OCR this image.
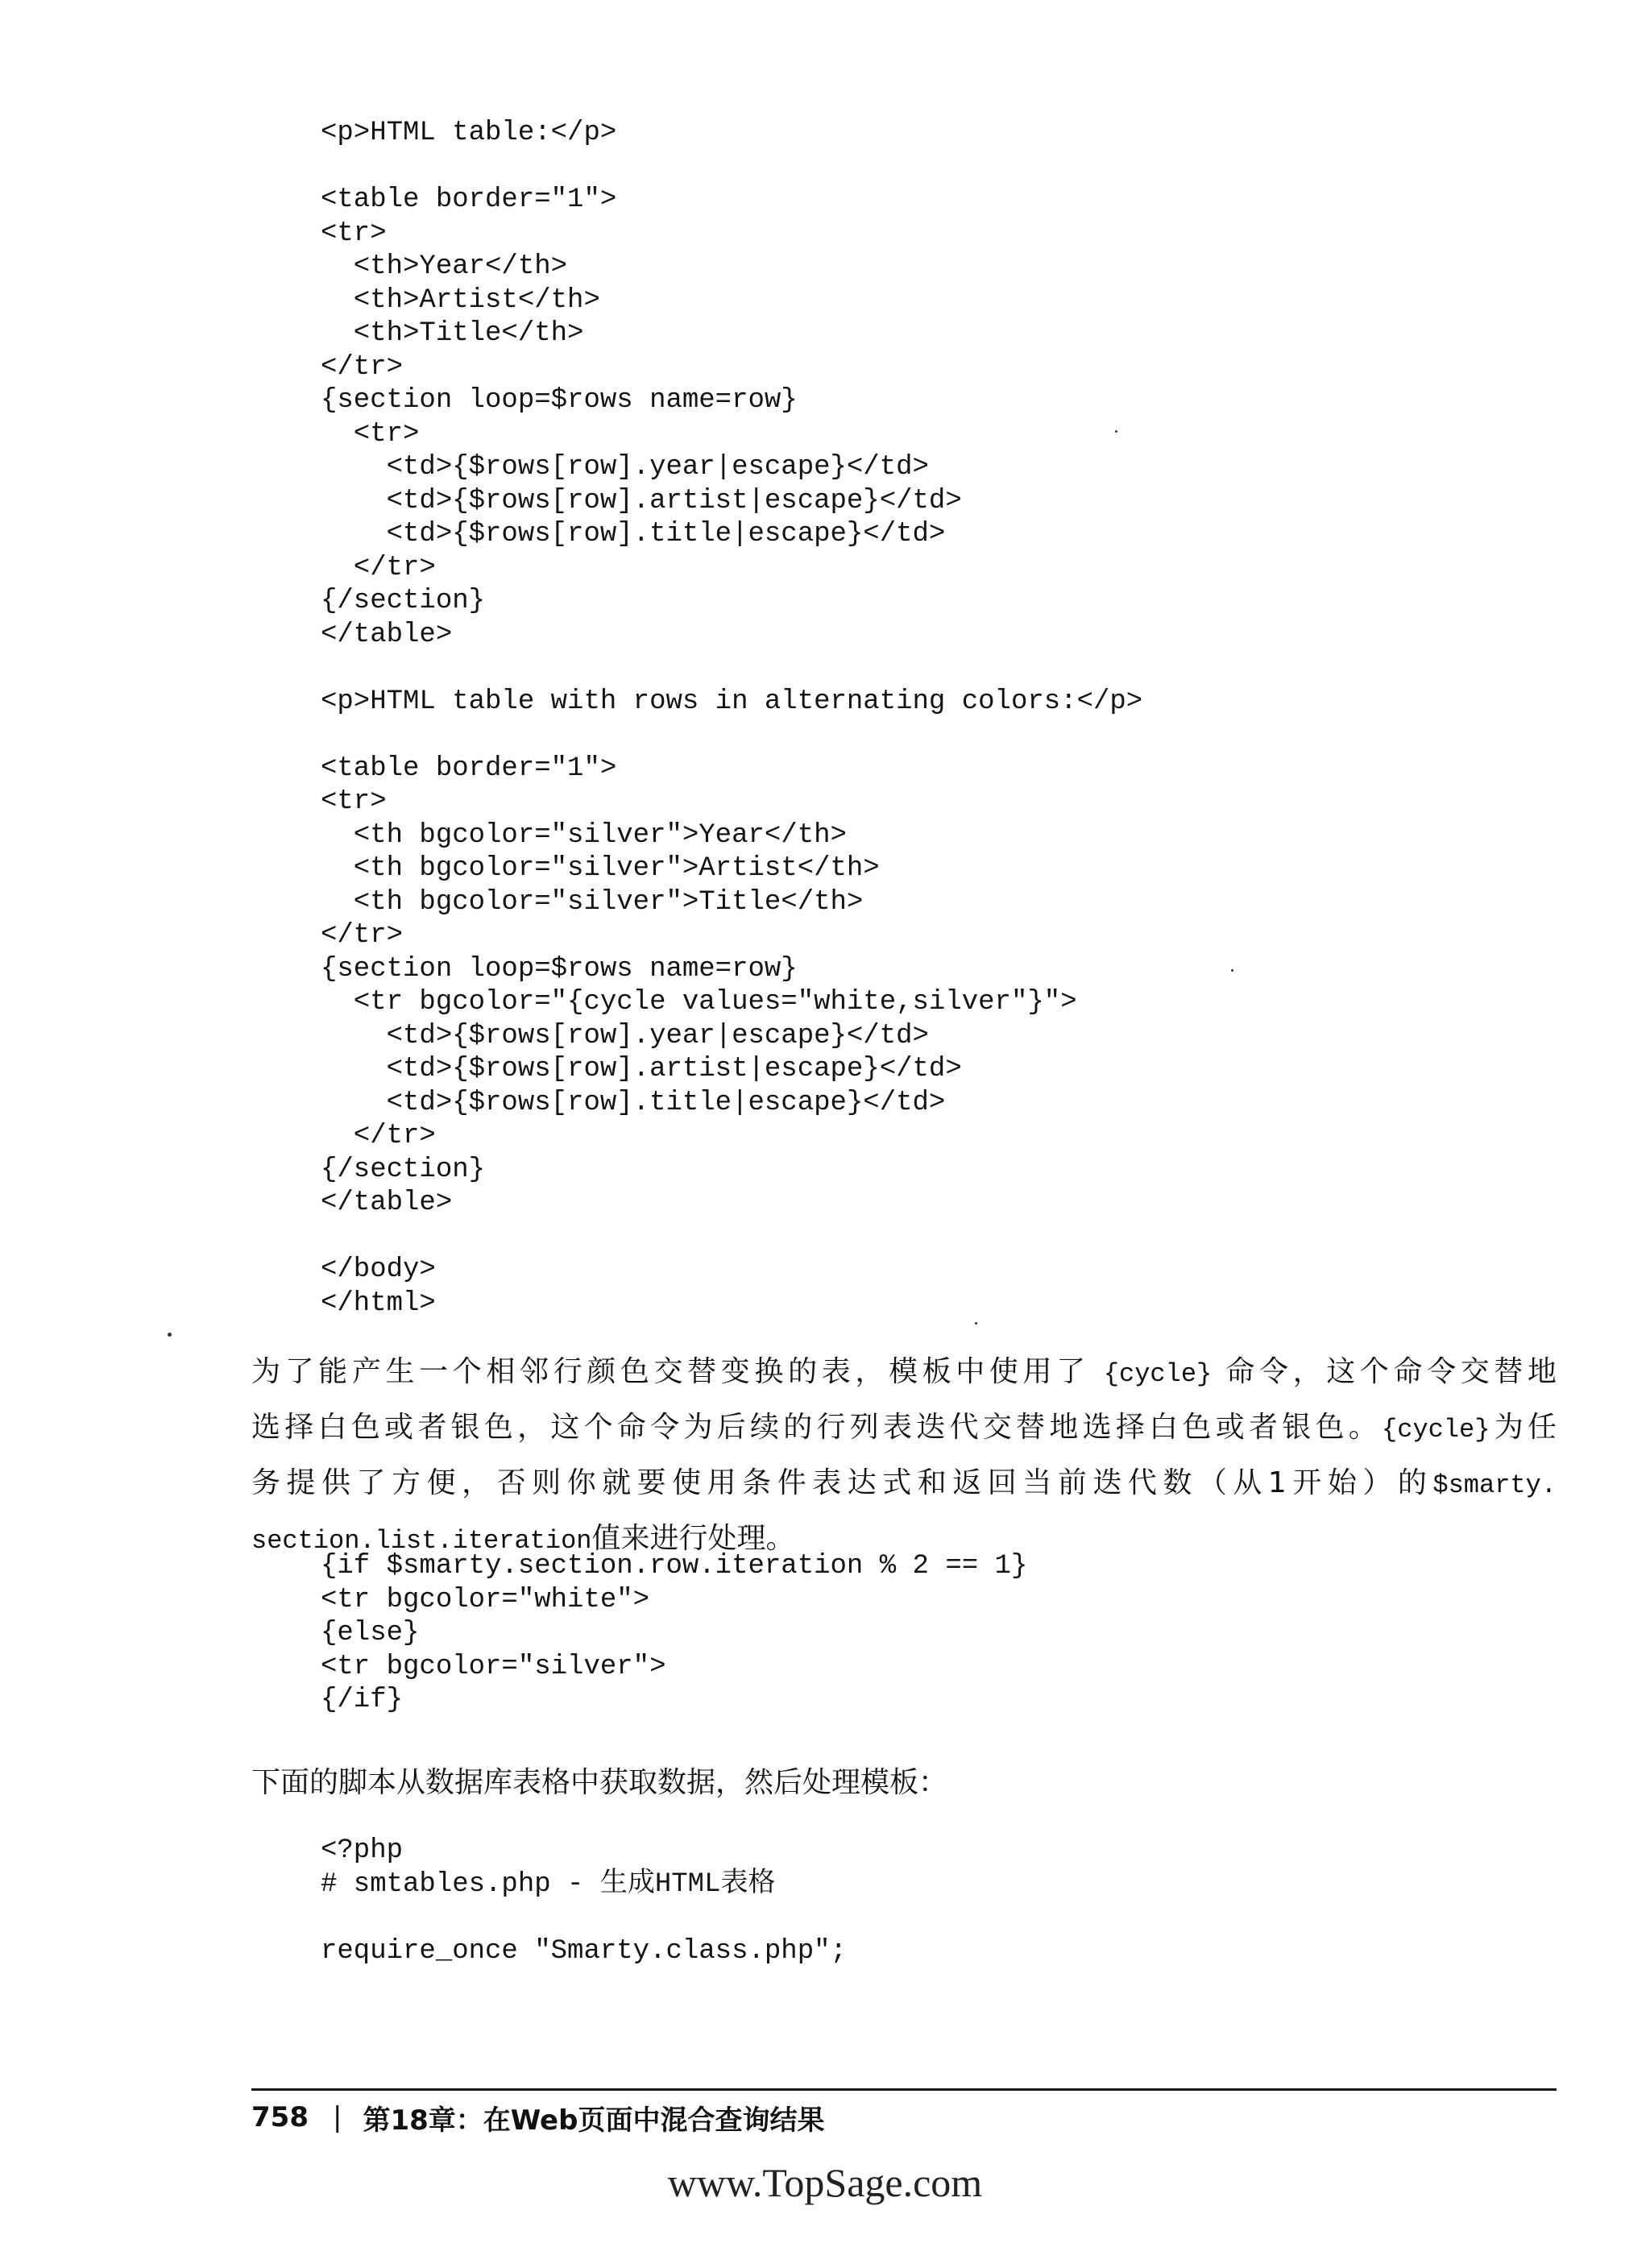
<p>HTML table:</p>

<table border="1">
<tr>
<th>Year</th>
<th>Artist</th>
<th>Title</th>
</tr>
{section loop=$rows name=row}
<tr>
<td>{$rows[row].year|escape}</td>
<td>{$rows[row].artist|escape}</td>
<td>{$rows[row].title|escape}</td>
</tr>
{/section}
</table>

<p>HTML table with rows in alternating colors:</p>

<table border="1">
<tr>
<th bgcolor="silver">Year</th>
<th bgcolor="silver">Artist</th>
<th bgcolor="silver">Title</th>
</tr>
{section loop=$rows name=row}
<tr bgcolor="{cycle values="white,silver"}">
<td>{$rows[row].year|escape}</td>
<td>{$rows[row].artist|escape}</td>
<td>{$rows[row].title|escape}</td>
</tr>
{/section}
</table>

</body>
</html>
为了能产生一个相邻行颜色交替变换的表，模板中使用了 {cycle} 命令，这个命令交替地
选择白色或者银色，这个命令为后续的行列表迭代交替地选择白色或者银色。{cycle}为任
务提供了方便，否则你就要使用条件表达式和返回当前迭代数（从1开始）的$smarty.
section.list.iteration值来进行处理。
{if $smarty.section.row.iteration % 2 == 1}
<tr bgcolor="white">
{else}
<tr bgcolor="silver">
{/if}
下面的脚本从数据库表格中获取数据，然后处理模板：
<?php
# smtables.php - 生成HTML表格

require_once "Smarty.class.php";
758 | 第18章：在Web页面中混合查询结果
www.TopSage.com
